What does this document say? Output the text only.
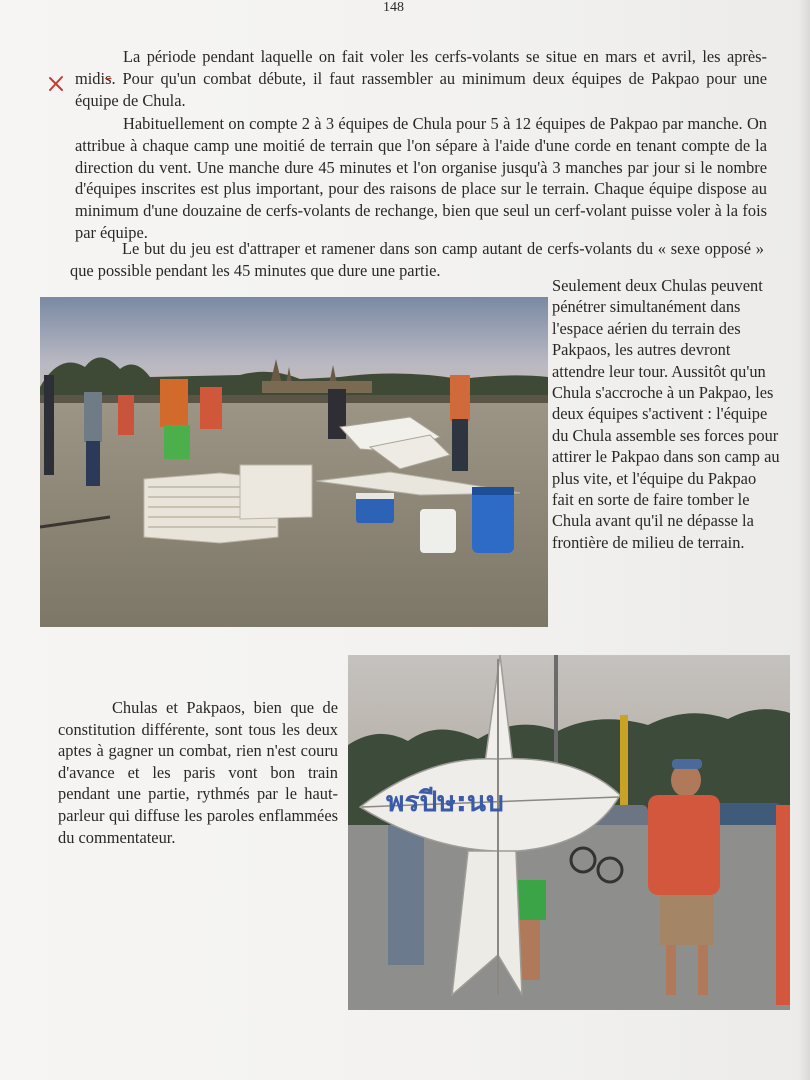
148

La période pendant laquelle on fait voler les cerfs-volants se situe en mars et avril, les après-midis. Pour qu'un combat débute, il faut rassembler au minimum deux équipes de Pakpao pour une équipe de Chula.

Habituellement on compte 2 à 3 équipes de Chula pour 5 à 12 équipes de Pakpao par manche. On attribue à chaque camp une moitié de terrain que l'on sépare à l'aide d'une corde en tenant compte de la direction du vent. Une manche dure 45 minutes et l'on organise jusqu'à 3 manches par jour si le nombre d'équipes inscrites est plus important, pour des raisons de place sur le terrain. Chaque équipe dispose au minimum d'une douzaine de cerfs-volants de rechange, bien que seul un cerf-volant puisse voler à la fois par équipe.

Le but du jeu est d'attraper et ramener dans son camp autant de cerfs-volants du « sexe opposé » que possible pendant les 45 minutes que dure une partie.

Seulement deux Chulas peuvent pénétrer simultanément dans l'espace aérien du terrain des Pakpaos, les autres devront attendre leur tour. Aussitôt qu'un Chula s'accroche à un Pakpao, les deux équipes s'activent : l'équipe du Chula assemble ses forces pour attirer le Pakpao dans son camp au plus vite, et l'équipe du Pakpao fait en sorte de faire tomber le Chula avant qu'il ne dépasse la frontière de milieu de terrain.

Chulas et Pakpaos, bien que de constitution différente, sont tous les deux aptes à gagner un combat, rien n'est couru d'avance et les paris vont bon train pendant une partie, rythmés par le haut-parleur qui diffuse les paroles enflammées du commentateur.

พรปีษ:นบ
